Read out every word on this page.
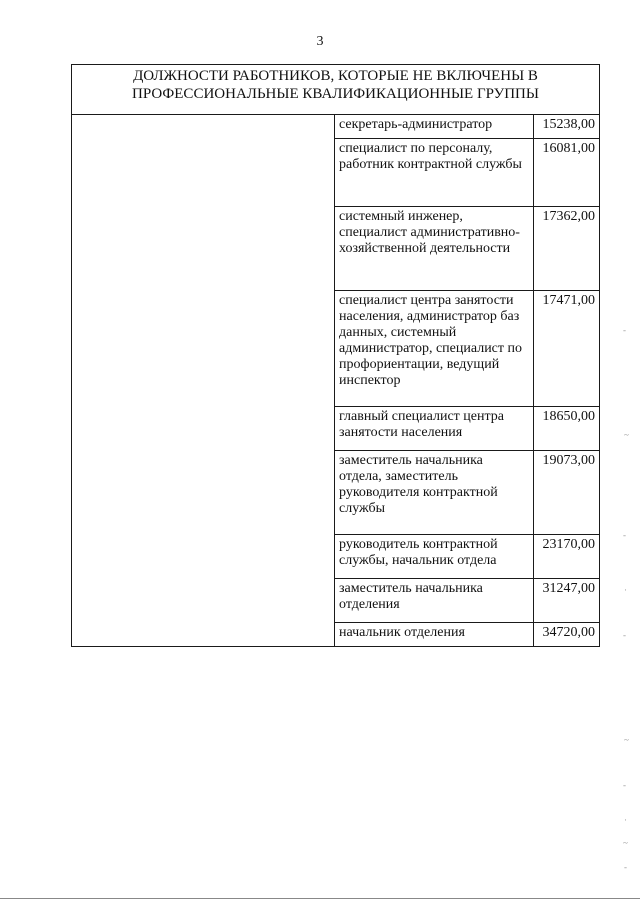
3
ДОЛЖНОСТИ РАБОТНИКОВ, КОТОРЫЕ НЕ ВКЛЮЧЕНЫ В ПРОФЕССИОНАЛЬНЫЕ КВАЛИФИКАЦИОННЫЕ ГРУППЫ		
	секретарь-администратор	15238,00
	специалист по персоналу, работник контрактной службы	16081,00
	системный инженер, специалист административно-хозяйственной деятельности	17362,00
	специалист центра занятости населения, администратор баз данных, системный администратор, специалист по профориентации, ведущий инспектор	17471,00
	главный специалист центра занятости населения	18650,00
	заместитель начальника отдела, заместитель руководителя контрактной службы	19073,00
	руководитель контрактной службы, начальник отдела	23170,00
	заместитель начальника отделения	31247,00
	начальник отделения	34720,00
-
~
-
·
-
~
-
·
~
-
